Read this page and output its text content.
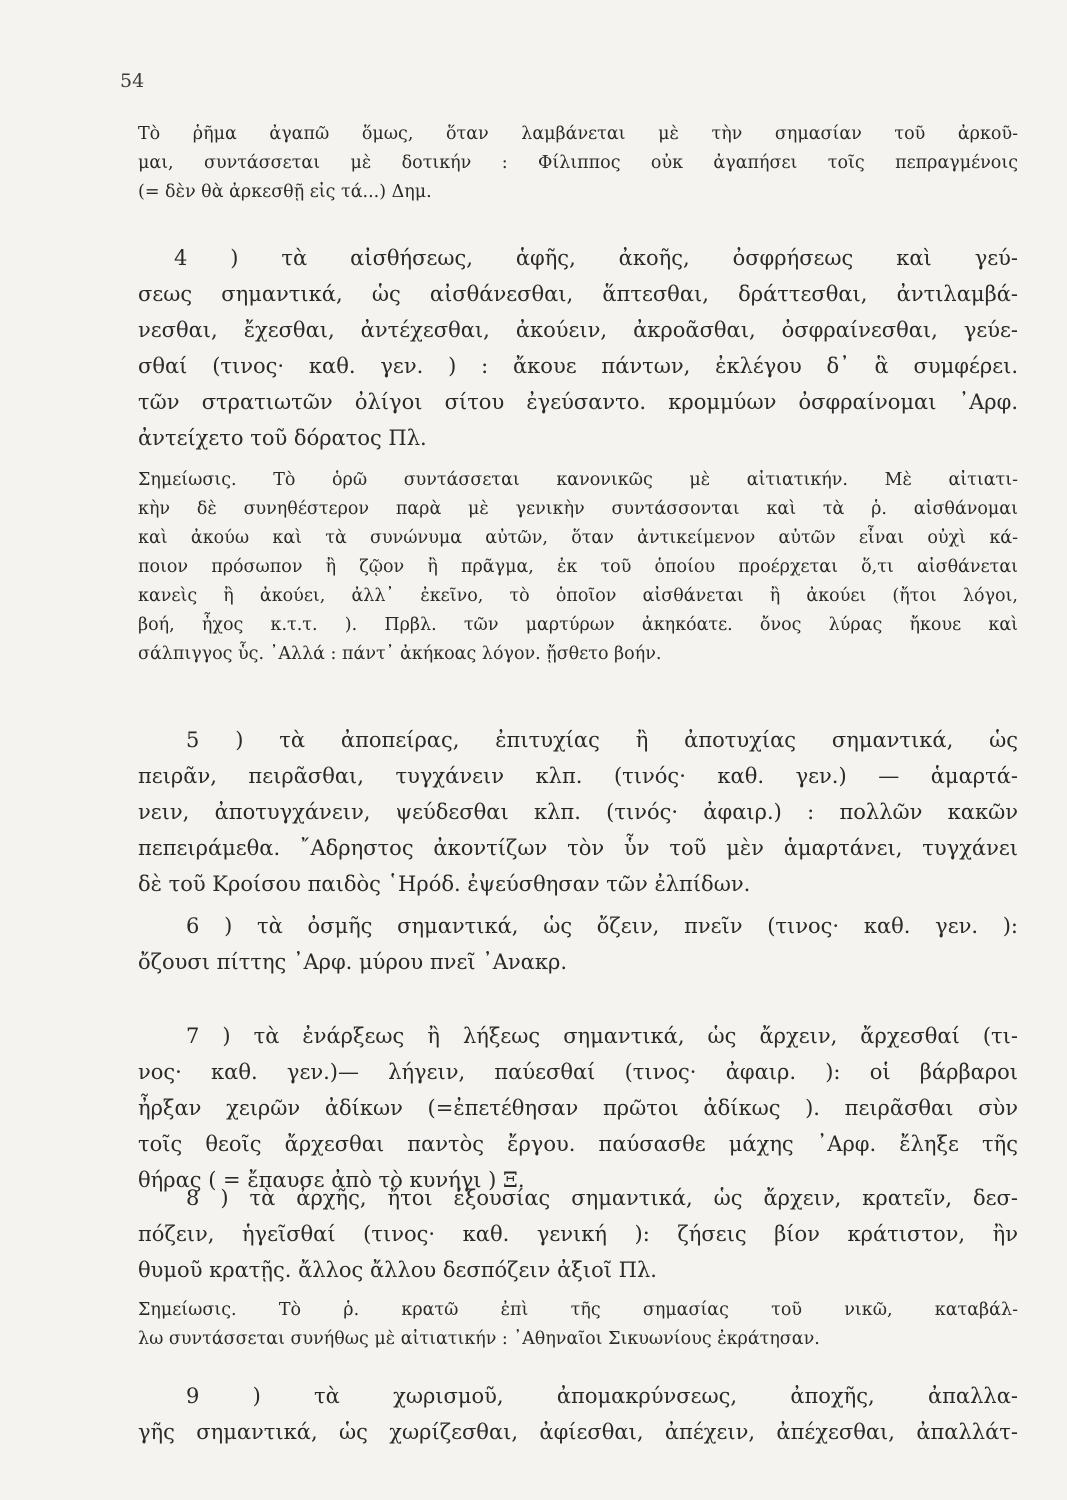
54
Τὸ ῥῆμα ἀγαπῶ ὅμως, ὅταν λαμβάνεται μὲ τὴν σημασίαν τοῦ ἀρκοῦ-
μαι, συντάσσεται μὲ δοτικήν : Φίλιππος οὐκ ἀγαπήσει τοῖς πεπραγμένοις
(= δὲν θὰ ἀρκεσθῇ εἰς τά...) Δημ.
4 ) τὰ αἰσθήσεως, ἁφῆς, ἀκοῆς, ὀσφρήσεως καὶ γεύ-
σεως σημαντικά, ὡς αἰσθάνεσθαι, ἅπτεσθαι, δράττεσθαι, ἀντιλαμβά-
νεσθαι, ἔχεσθαι, ἀντέχεσθαι, ἀκούειν, ἀκροᾶσθαι, ὀσφραίνεσθαι, γεύε-
σθαί (τινος· καθ. γεν. ) : ἄκουε πάντων, ἐκλέγου δ᾽ ἃ συμφέρει.
τῶν στρατιωτῶν ὀλίγοι σίτου ἐγεύσαντο. κρομμύων ὀσφραίνομαι ᾽Αρφ.
ἀντείχετο τοῦ δόρατος Πλ.
Σημείωσις. Τὸ ὁρῶ συντάσσεται κανονικῶς μὲ αἰτιατικήν. Μὲ αἰτιατι-
κὴν δὲ συνηθέστερον παρὰ μὲ γενικὴν συντάσσονται καὶ τὰ ῥ. αἰσθάνομαι
καὶ ἀκούω καὶ τὰ συνώνυμα αὐτῶν, ὅταν ἀντικείμενον αὐτῶν εἶναι οὐχὶ κά-
ποιον πρόσωπον ἢ ζῷον ἢ πρᾶγμα, ἐκ τοῦ ὁποίου προέρχεται ὅ,τι αἰσθάνεται
κανεὶς ἢ ἀκούει, ἀλλ᾽ ἐκεῖνο, τὸ ὁποῖον αἰσθάνεται ἢ ἀκούει (ἤτοι λόγοι,
βοή, ἦχος κ.τ.τ. ). Πρβλ. τῶν μαρτύρων ἀκηκόατε. ὄνος λύρας ἤκουε καὶ
σάλπιγγος ὗς. ᾽Αλλά : πάντ᾽ ἀκήκοας λόγον. ᾔσθετο βοήν.
5 ) τὰ ἀποπείρας, ἐπιτυχίας ἢ ἀποτυχίας σημαντικά, ὡς
πειρᾶν, πειρᾶσθαι, τυγχάνειν κλπ. (τινός· καθ. γεν.) — ἁμαρτά-
νειν, ἀποτυγχάνειν, ψεύδεσθαι κλπ. (τινός· ἀφαιρ.) : πολλῶν κακῶν
πεπειράμεθα. ῎Αδρηστος ἀκοντίζων τὸν ὗν τοῦ μὲν ἁμαρτάνει, τυγχάνει
δὲ τοῦ Κροίσου παιδὸς ῾Ηρόδ. ἐψεύσθησαν τῶν ἐλπίδων.
6 ) τὰ ὀσμῆς σημαντικά, ὡς ὄζειν, πνεῖν (τινος· καθ. γεν. ):
ὄζουσι πίττης ᾽Αρφ. μύρου πνεῖ ᾽Ανακρ.
7 ) τὰ ἐνάρξεως ἢ λήξεως σημαντικά, ὡς ἄρχειν, ἄρχεσθαί (τι-
νος· καθ. γεν.)— λήγειν, παύεσθαί (τινος· ἀφαιρ. ): οἱ βάρβαροι
ἦρξαν χειρῶν ἀδίκων (=ἐπετέθησαν πρῶτοι ἀδίκως ). πειρᾶσθαι σὺν
τοῖς θεοῖς ἄρχεσθαι παντὸς ἔργου. παύσασθε μάχης ᾽Αρφ. ἔληξε τῆς
θήρας ( = ἔπαυσε ἀπὸ τὸ κυνήγι ) Ξ.
8 ) τὰ ἀρχῆς, ἤτοι ἐξουσίας σημαντικά, ὡς ἄρχειν, κρατεῖν, δεσ-
πόζειν, ἡγεῖσθαί (τινος· καθ. γενική ): ζήσεις βίον κράτιστον, ἢν
θυμοῦ κρατῇς. ἄλλος ἄλλου δεσπόζειν ἀξιοῖ Πλ.
Σημείωσις. Τὸ ῥ. κρατῶ ἐπὶ τῆς σημασίας τοῦ νικῶ, καταβάλ-
λω συντάσσεται συνήθως μὲ αἰτιατικήν : ᾽Αθηναῖοι Σικυωνίους ἐκράτησαν.
9 ) τὰ χωρισμοῦ, ἀπομακρύνσεως, ἀποχῆς, ἀπαλλα-
γῆς σημαντικά, ὡς χωρίζεσθαι, ἀφίεσθαι, ἀπέχειν, ἀπέχεσθαι, ἀπαλλάτ-
